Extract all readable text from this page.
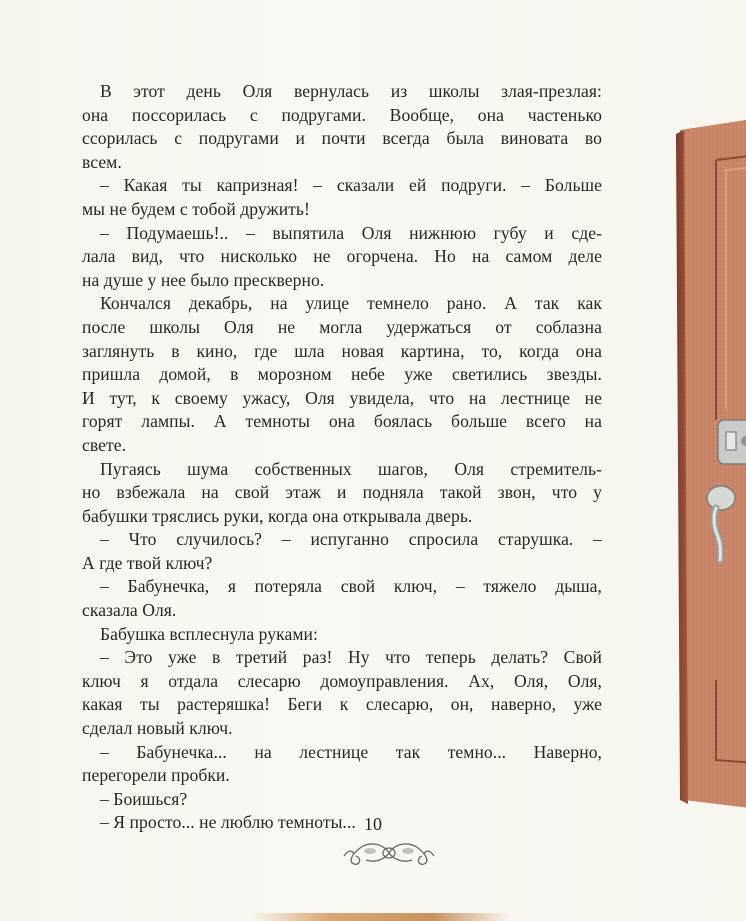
В этот день Оля вернулась из школы злая-презлая:
она поссорилась с подругами. Вообще, она частенько
ссорилась с подругами и почти всегда была виновата во
всем.
– Какая ты капризная! – сказали ей подруги. – Больше
мы не будем с тобой дружить!
– Подумаешь!.. – выпятила Оля нижнюю губу и сде-
лала вид, что нисколько не огорчена. Но на самом деле
на душе у нее было прескверно.
Кончался декабрь, на улице темнело рано. А так как
после школы Оля не могла удержаться от соблазна
заглянуть в кино, где шла новая картина, то, когда она
пришла домой, в морозном небе уже светились звезды.
И тут, к своему ужасу, Оля увидела, что на лестнице не
горят лампы. А темноты она боялась больше всего на
свете.
Пугаясь шума собственных шагов, Оля стремитель-
но взбежала на свой этаж и подняла такой звон, что у
бабушки тряслись руки, когда она открывала дверь.
– Что случилось? – испуганно спросила старушка. –
А где твой ключ?
– Бабунечка, я потеряла свой ключ, – тяжело дыша,
сказала Оля.
Бабушка всплеснула руками:
– Это уже в третий раз! Ну что теперь делать? Свой
ключ я отдала слесарю домоуправления. Ах, Оля, Оля,
какая ты растеряшка! Беги к слесарю, он, наверно, уже
сделал новый ключ.
– Бабунечка... на лестнице так темно... Наверно,
перегорели пробки.
– Боишься?
– Я просто... не люблю темноты... 10
